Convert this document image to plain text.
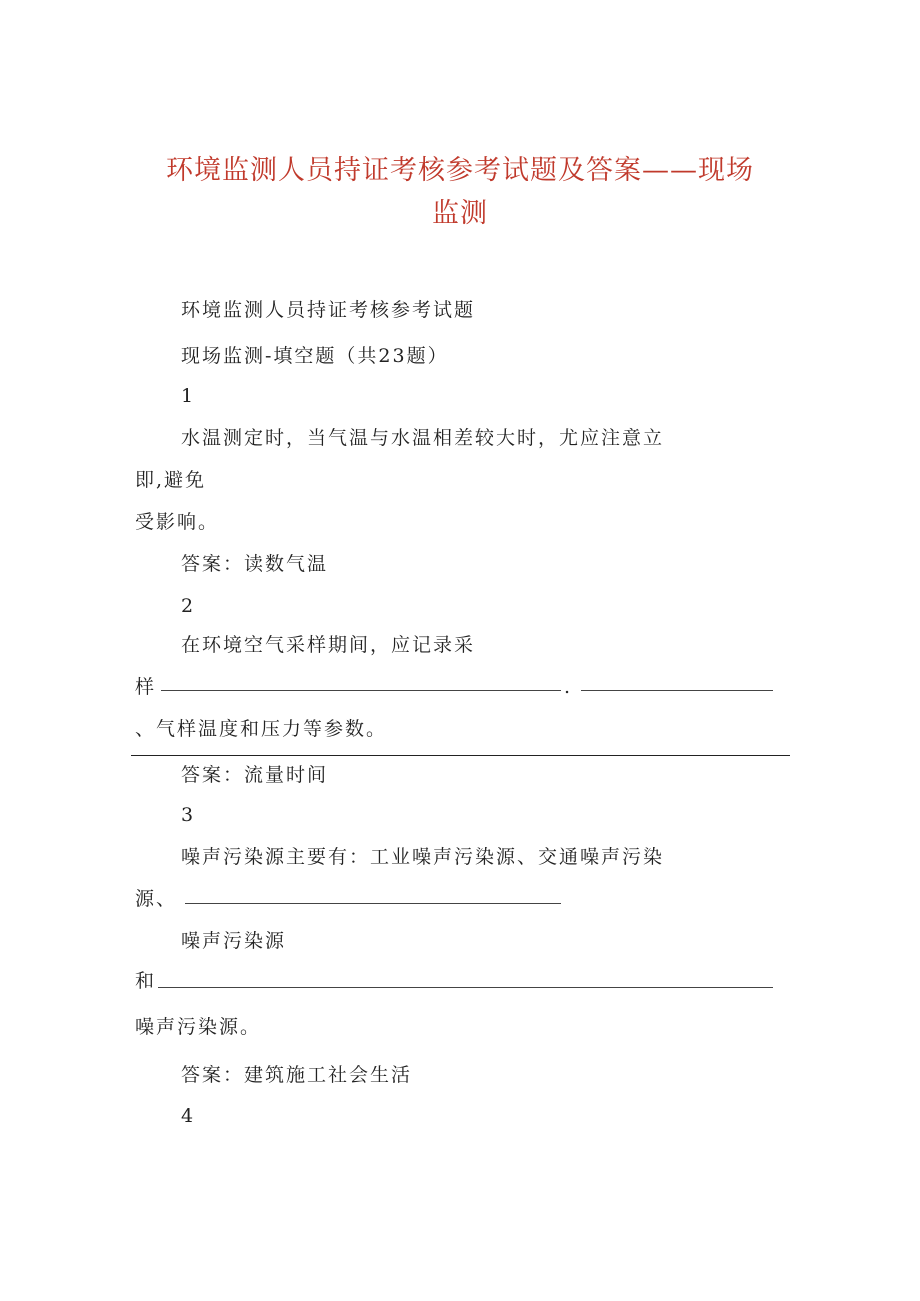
环境监测人员持证考核参考试题及答案——现场
监测
环境监测人员持证考核参考试题
现场监测-填空题（共23题）
1
水温测定时，当气温与水温相差较大时，尤应注意立
即,避免
受影响。
答案：读数气温
2
在环境空气采样期间，应记录采
样	.
、气样温度和压力等参数。
答案：流量时间
3
噪声污染源主要有：工业噪声污染源、交通噪声污染
源、
噪声污染源
和
噪声污染源。
答案：建筑施工社会生活
4
